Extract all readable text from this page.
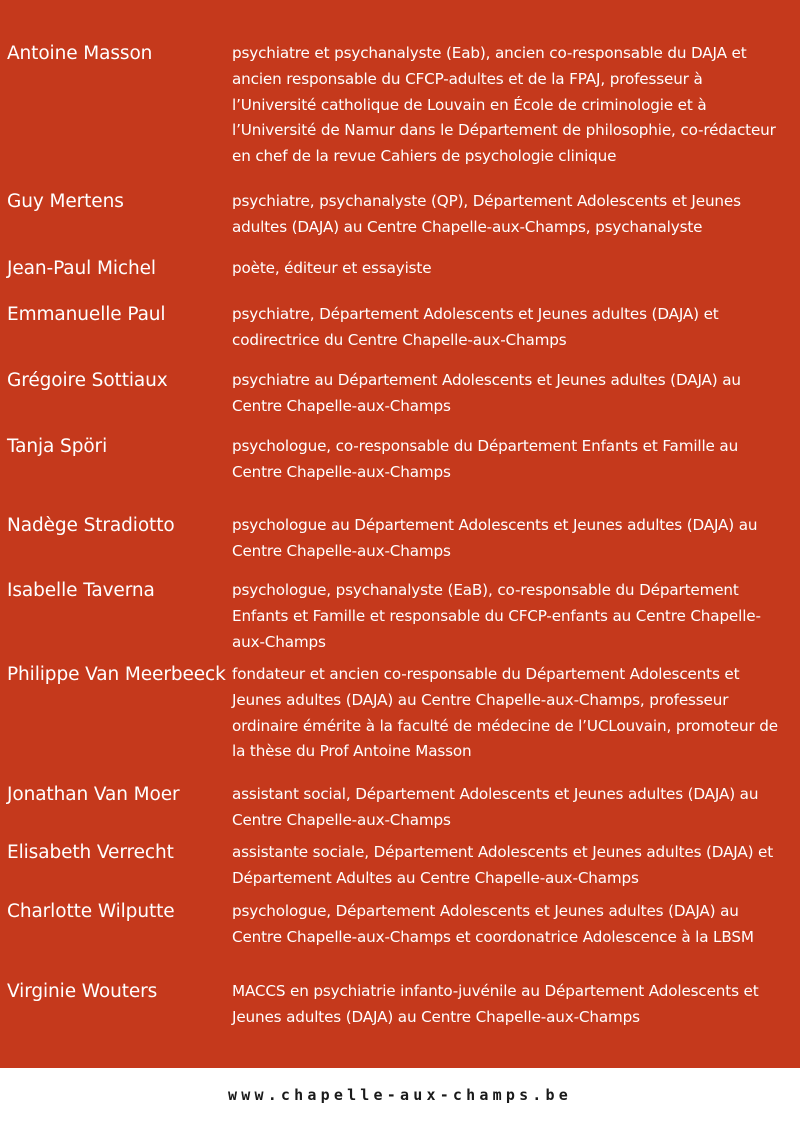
Antoine Masson	psychiatre et psychanalyste (Eab), ancien co-responsable du DAJA et ancien responsable du CFCP-adultes et de la FPAJ, professeur à l’Université catholique de Louvain en École de criminologie et à l’Université de Namur dans le Département de philosophie, co-rédacteur en chef de la revue Cahiers de psychologie clinique
Guy Mertens	psychiatre, psychanalyste (QP), Département Adolescents et Jeunes adultes (DAJA) au Centre Chapelle-aux-Champs, psychanalyste
Jean-Paul Michel	poète, éditeur et essayiste
Emmanuelle Paul	psychiatre, Département Adolescents et Jeunes adultes (DAJA) et codirectrice du Centre Chapelle-aux-Champs
Grégoire Sottiaux	psychiatre au Département Adolescents et Jeunes adultes (DAJA) au Centre Chapelle-aux-Champs
Tanja Spöri	psychologue, co-responsable du Département Enfants et Famille au Centre Chapelle-aux-Champs
Nadège Stradiotto	psychologue au Département Adolescents et Jeunes adultes (DAJA) au Centre Chapelle-aux-Champs
Isabelle Taverna	psychologue, psychanalyste (EaB), co-responsable du Département Enfants et Famille et responsable du CFCP-enfants au Centre Chapelle-aux-Champs
Philippe Van Meerbeeck fondateur et ancien co-responsable du Département Adolescents et Jeunes adultes (DAJA) au Centre Chapelle-aux-Champs, professeur ordinaire émérite à la faculté de médecine de l’UCLouvain, promoteur de la thèse du Prof Antoine Masson
Jonathan Van Moer	assistant social, Département Adolescents et Jeunes adultes (DAJA) au Centre Chapelle-aux-Champs
Elisabeth Verrecht	assistante sociale, Département Adolescents et Jeunes adultes (DAJA) et Département Adultes au Centre Chapelle-aux-Champs
Charlotte Wilputte	psychologue, Département Adolescents et Jeunes adultes (DAJA) au Centre Chapelle-aux-Champs et coordonatrice Adolescence à la LBSM
Virginie Wouters	MACCS en psychiatrie infanto-juvénile au Département Adolescents et Jeunes adultes (DAJA) au Centre Chapelle-aux-Champs
www.chapelle-aux-champs.be
